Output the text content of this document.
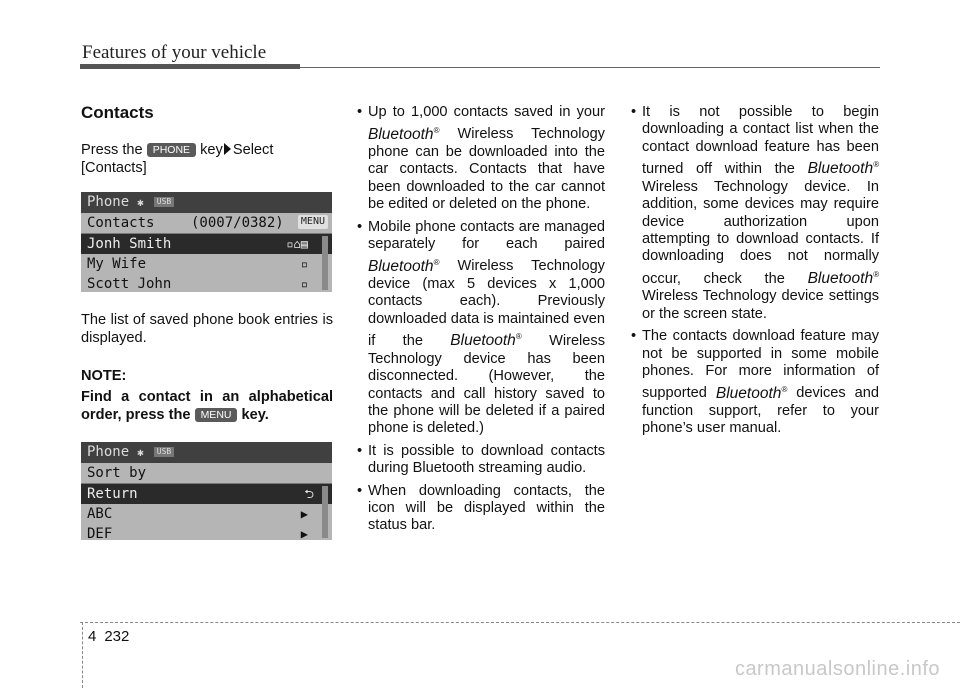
Features of your vehicle
Contacts

Press the PHONE key Select
[Contacts]

Phone ✱ USB
Contacts	(0007/0382)	MENU
Jonh Smith	▫⌂▤
My Wife	▫
Scott John	▫

The list of saved phone book entries is displayed.

NOTE:

Find a contact in an alphabetical order, press the MENU key.

Phone ✱ USB
Sort by
Return	⮌
ABC	▶
DEF	▶
• Up to 1,000 contacts saved in your Bluetooth® Wireless Technology phone can be downloaded into the car contacts. Contacts that have been downloaded to the car cannot be edited or deleted on the phone.
• Mobile phone contacts are managed separately for each paired Bluetooth® Wireless Technology device (max 5 devices x 1,000 contacts each). Previously downloaded data is maintained even if the Bluetooth® Wireless Technology device has been disconnected. (However, the contacts and call history saved to the phone will be deleted if a paired phone is deleted.)
• It is possible to download contacts during Bluetooth streaming audio.
• When downloading contacts, the icon will be displayed within the status bar.
• It is not possible to begin downloading a contact list when the contact download feature has been turned off within the Bluetooth® Wireless Technology device. In addition, some devices may require device authorization upon attempting to download contacts. If downloading does not normally occur, check the Bluetooth® Wireless Technology device settings or the screen state.
• The contacts download feature may not be supported in some mobile phones. For more information of supported Bluetooth® devices and function support, refer to your phone’s user manual.
4 232
carmanualsonline.info
